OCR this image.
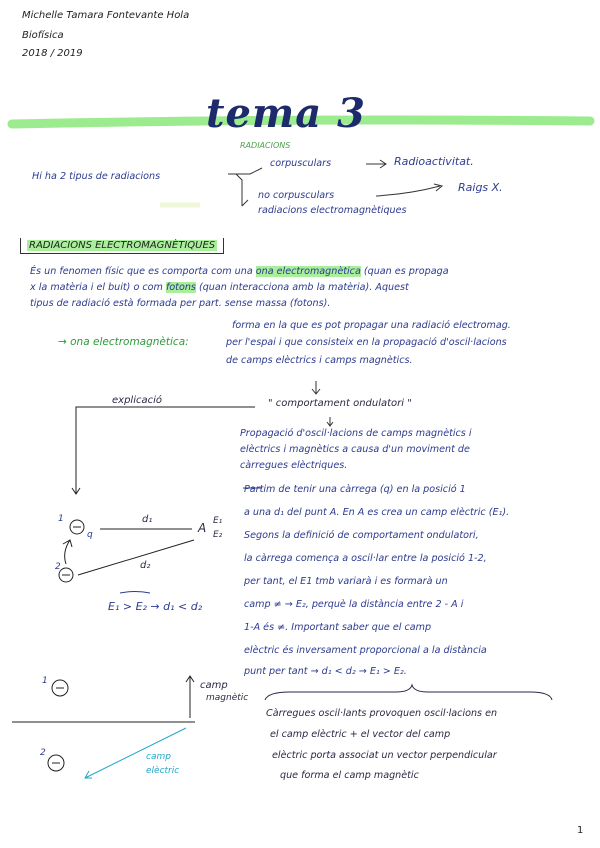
Michelle Tamara Fontevante Hola
Biofísica
2018 / 2019
tema 3
RADIACIONS
Hi ha 2 tipus de radiacions
corpusculars	Radioactivitat.
no corpusculars
radiacions electromagnètiques
Raigs X.
RADIACIONS ELECTROMAGNÈTIQUES
És un fenomen físic que es comporta com una ona electromagnètica (quan es propaga
x la matèria i el buit) o com fotons (quan interacciona amb la matèria). Aquest
tipus de radiació està formada per part. sense massa (fotons).
→ ona electromagnètica:
forma en la que es pot propagar una radiació electromag.
per l'espai i que consisteix en la propagació d'oscil·lacions
de camps elèctrics i camps magnètics.
explicació	" comportament ondulatori "
Propagació d'oscil·lacions de camps magnètics i
elèctrics i magnètics a causa d'un moviment de
càrregues elèctriques.
1
q
2
d₁
d₂
A E₁
E₂
E₁ > E₂ → d₁ < d₂
Partim de tenir una càrrega (q) en la posició 1
a una d₁ del punt A. En A es crea un camp elèctric (E₁).
Segons la definició de comportament ondulatori,
la càrrega comença a oscil·lar entre la posició 1-2,
per tant, el E1 tmb variarà i es formarà un
camp ≠ → E₂, perquè la distància entre 2 - A i
1-A és ≠. Important saber que el camp
elèctric és inversament proporcional a la distància
punt per tant → d₁ < d₂ → E₁ > E₂.
1
2
camp
magnètic
camp
elèctric
Càrregues oscil·lants provoquen oscil·lacions en
el camp elèctric + el vector del camp
elèctric porta associat un vector perpendicular
que forma el camp magnètic
1
